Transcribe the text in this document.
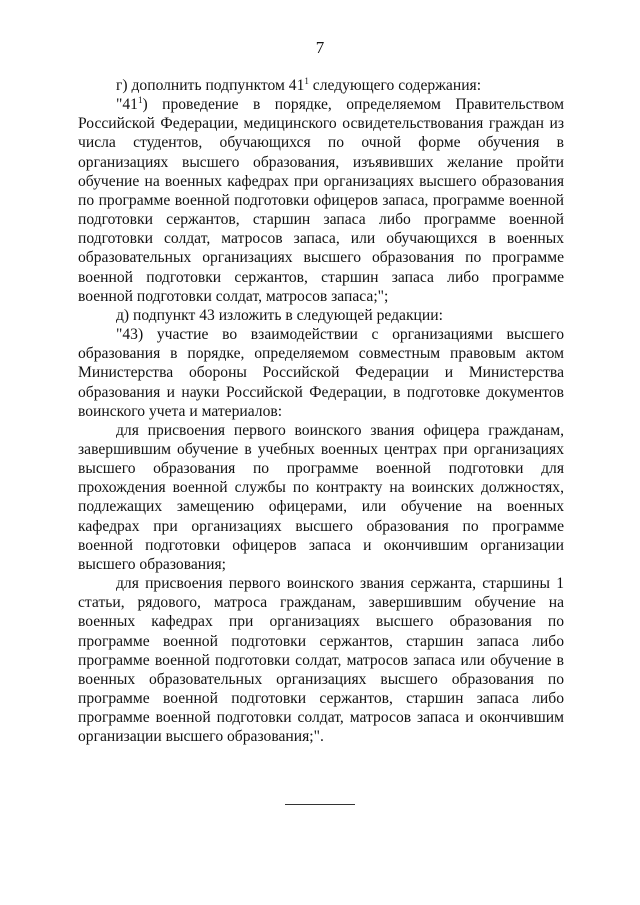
7

г) дополнить подпунктом $41^1$ следующего содержания:

"$41^1$) проведение в порядке, определяемом Правительством Российской Федерации, медицинского освидетельствования граждан из числа студентов, обучающихся по очной форме обучения в организациях высшего образования, изъявивших желание пройти обучение на военных кафедрах при организациях высшего образования по программе военной подготовки офицеров запаса, программе военной подготовки сержантов, старшин запаса либо программе военной подготовки солдат, матросов запаса, или обучающихся в военных образовательных организациях высшего образования по программе военной подготовки сержантов, старшин запаса либо программе военной подготовки солдат, матросов запаса;";

д) подпункт 43 изложить в следующей редакции:

"43) участие во взаимодействии с организациями высшего образования в порядке, определяемом совместным правовым актом Министерства обороны Российской Федерации и Министерства образования и науки Российской Федерации, в подготовке документов воинского учета и материалов:

для присвоения первого воинского звания офицера гражданам, завершившим обучение в учебных военных центрах при организациях высшего образования по программе военной подготовки для прохождения военной службы по контракту на воинских должностях, подлежащих замещению офицерами, или обучение на военных кафедрах при организациях высшего образования по программе военной подготовки офицеров запаса и окончившим организации высшего образования;

для присвоения первого воинского звания сержанта, старшины 1 статьи, рядового, матроса гражданам, завершившим обучение на военных кафедрах при организациях высшего образования по программе военной подготовки сержантов, старшин запаса либо программе военной подготовки солдат, матросов запаса или обучение в военных образовательных организациях высшего образования по программе военной подготовки сержантов, старшин запаса либо программе военной подготовки солдат, матросов запаса и окончившим организации высшего образования;".
